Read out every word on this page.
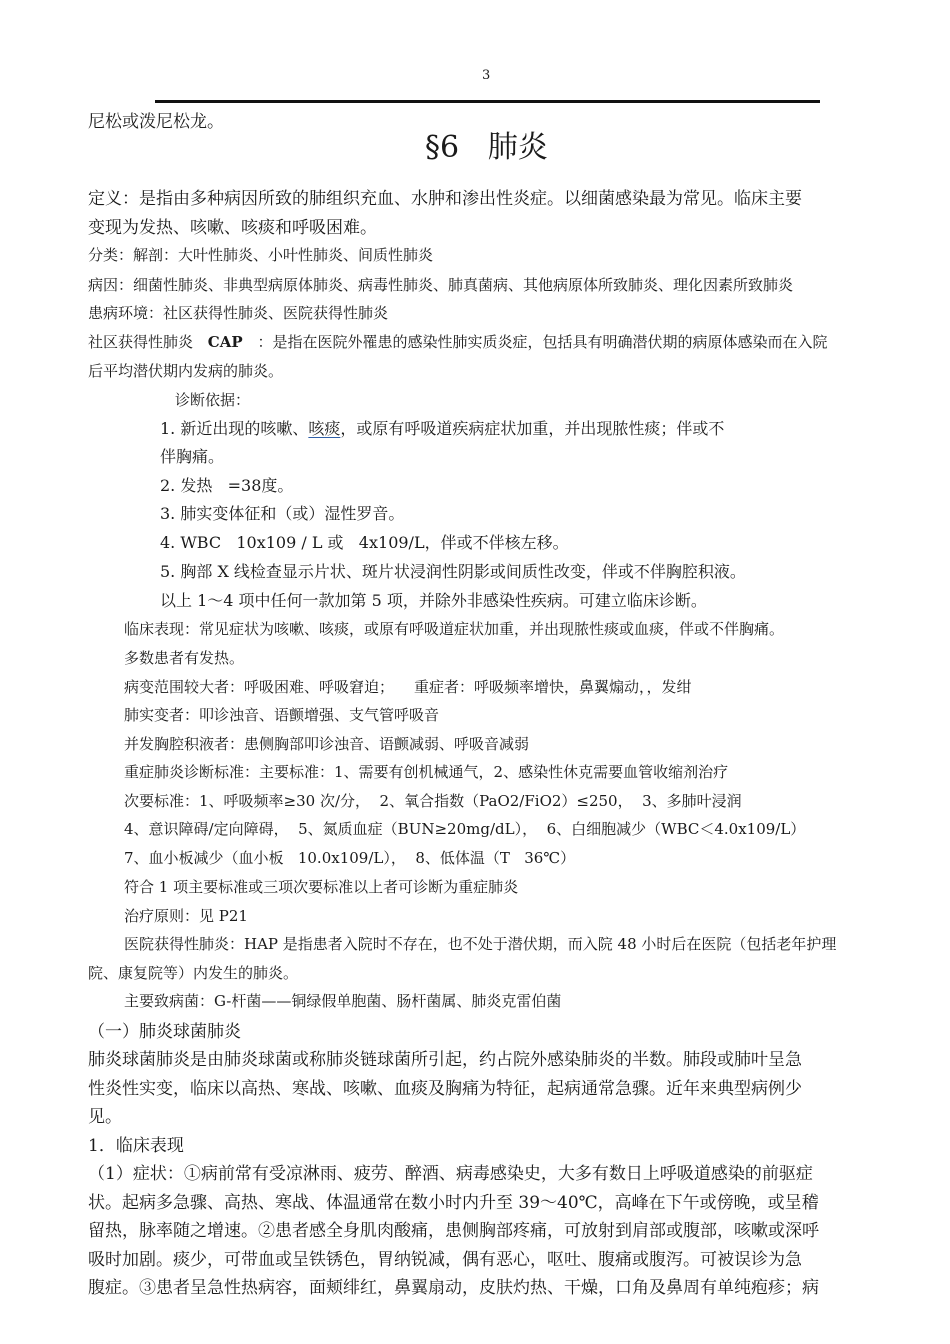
3
尼松或泼尼松龙。
§6   肺炎
定义：是指由多种病因所致的肺组织充血、水肿和渗出性炎症。以细菌感染最为常见。临床主要
变现为发热、咳嗽、咳痰和呼吸困难。
分类：解剖：大叶性肺炎、小叶性肺炎、间质性肺炎
病因：细菌性肺炎、非典型病原体肺炎、病毒性肺炎、肺真菌病、其他病原体所致肺炎、理化因素所致肺炎
患病环境：社区获得性肺炎、医院获得性肺炎
社区获得性肺炎 CAP ：是指在医院外罹患的感染性肺实质炎症，包括具有明确潜伏期的病原体感染而在入院
后平均潜伏期内发病的肺炎。
诊断依据：
1. 新近出现的咳嗽、咳痰，或原有呼吸道疾病症状加重，并出现脓性痰；伴或不
伴胸痛。
2. 发热   =38度。
3. 肺实变体征和（或）湿性罗音。
4. WBC   10x109 / L 或   4x109/L，伴或不伴核左移。
5. 胸部 X 线检查显示片状、斑片状浸润性阴影或间质性改变，伴或不伴胸腔积液。
以上 1～4 项中任何一款加第 5 项，并除外非感染性疾病。可建立临床诊断。
临床表现：常见症状为咳嗽、咳痰，或原有呼吸道症状加重，并出现脓性痰或血痰，伴或不伴胸痛。
多数患者有发热。
病变范围较大者：呼吸困难、呼吸窘迫； 重症者：呼吸频率增快，鼻翼煽动，，发绀
肺实变者：叩诊浊音、语颤增强、支气管呼吸音
并发胸腔积液者：患侧胸部叩诊浊音、语颤减弱、呼吸音减弱
重症肺炎诊断标准：主要标准：1、需要有创机械通气，2、感染性休克需要血管收缩剂治疗
次要标准：1、呼吸频率≥30 次/分，  2、氧合指数（PaO2/FiO2）≤250，  3、多肺叶浸润
4、意识障碍/定向障碍，  5、氮质血症（BUN≥20mg/dL），  6、白细胞减少（WBC＜4.0x109/L）
7、血小板减少（血小板   10.0x109/L），  8、低体温（T   36℃）
符合 1 项主要标准或三项次要标准以上者可诊断为重症肺炎
治疗原则：见 P21
医院获得性肺炎：HAP 是指患者入院时不存在，也不处于潜伏期，而入院 48 小时后在医院（包括老年护理
院、康复院等）内发生的肺炎。
主要致病菌：G-杆菌——铜绿假单胞菌、肠杆菌属、肺炎克雷伯菌
（一）肺炎球菌肺炎
肺炎球菌肺炎是由肺炎球菌或称肺炎链球菌所引起，约占院外感染肺炎的半数。肺段或肺叶呈急
性炎性实变，临床以高热、寒战、咳嗽、血痰及胸痛为特征，起病通常急骤。近年来典型病例少
见。
1．临床表现
（1）症状：①病前常有受凉淋雨、疲劳、醉酒、病毒感染史，大多有数日上呼吸道感染的前驱症
状。起病多急骤、高热、寒战、体温通常在数小时内升至 39～40℃，高峰在下午或傍晚，或呈稽
留热，脉率随之增速。②患者感全身肌肉酸痛，患侧胸部疼痛，可放射到肩部或腹部，咳嗽或深呼
吸时加剧。痰少，可带血或呈铁锈色，胃纳锐减，偶有恶心，呕吐、腹痛或腹泻。可被误诊为急
腹症。③患者呈急性热病容，面颊绯红，鼻翼扇动，皮肤灼热、干燥，口角及鼻周有单纯疱疹；病
